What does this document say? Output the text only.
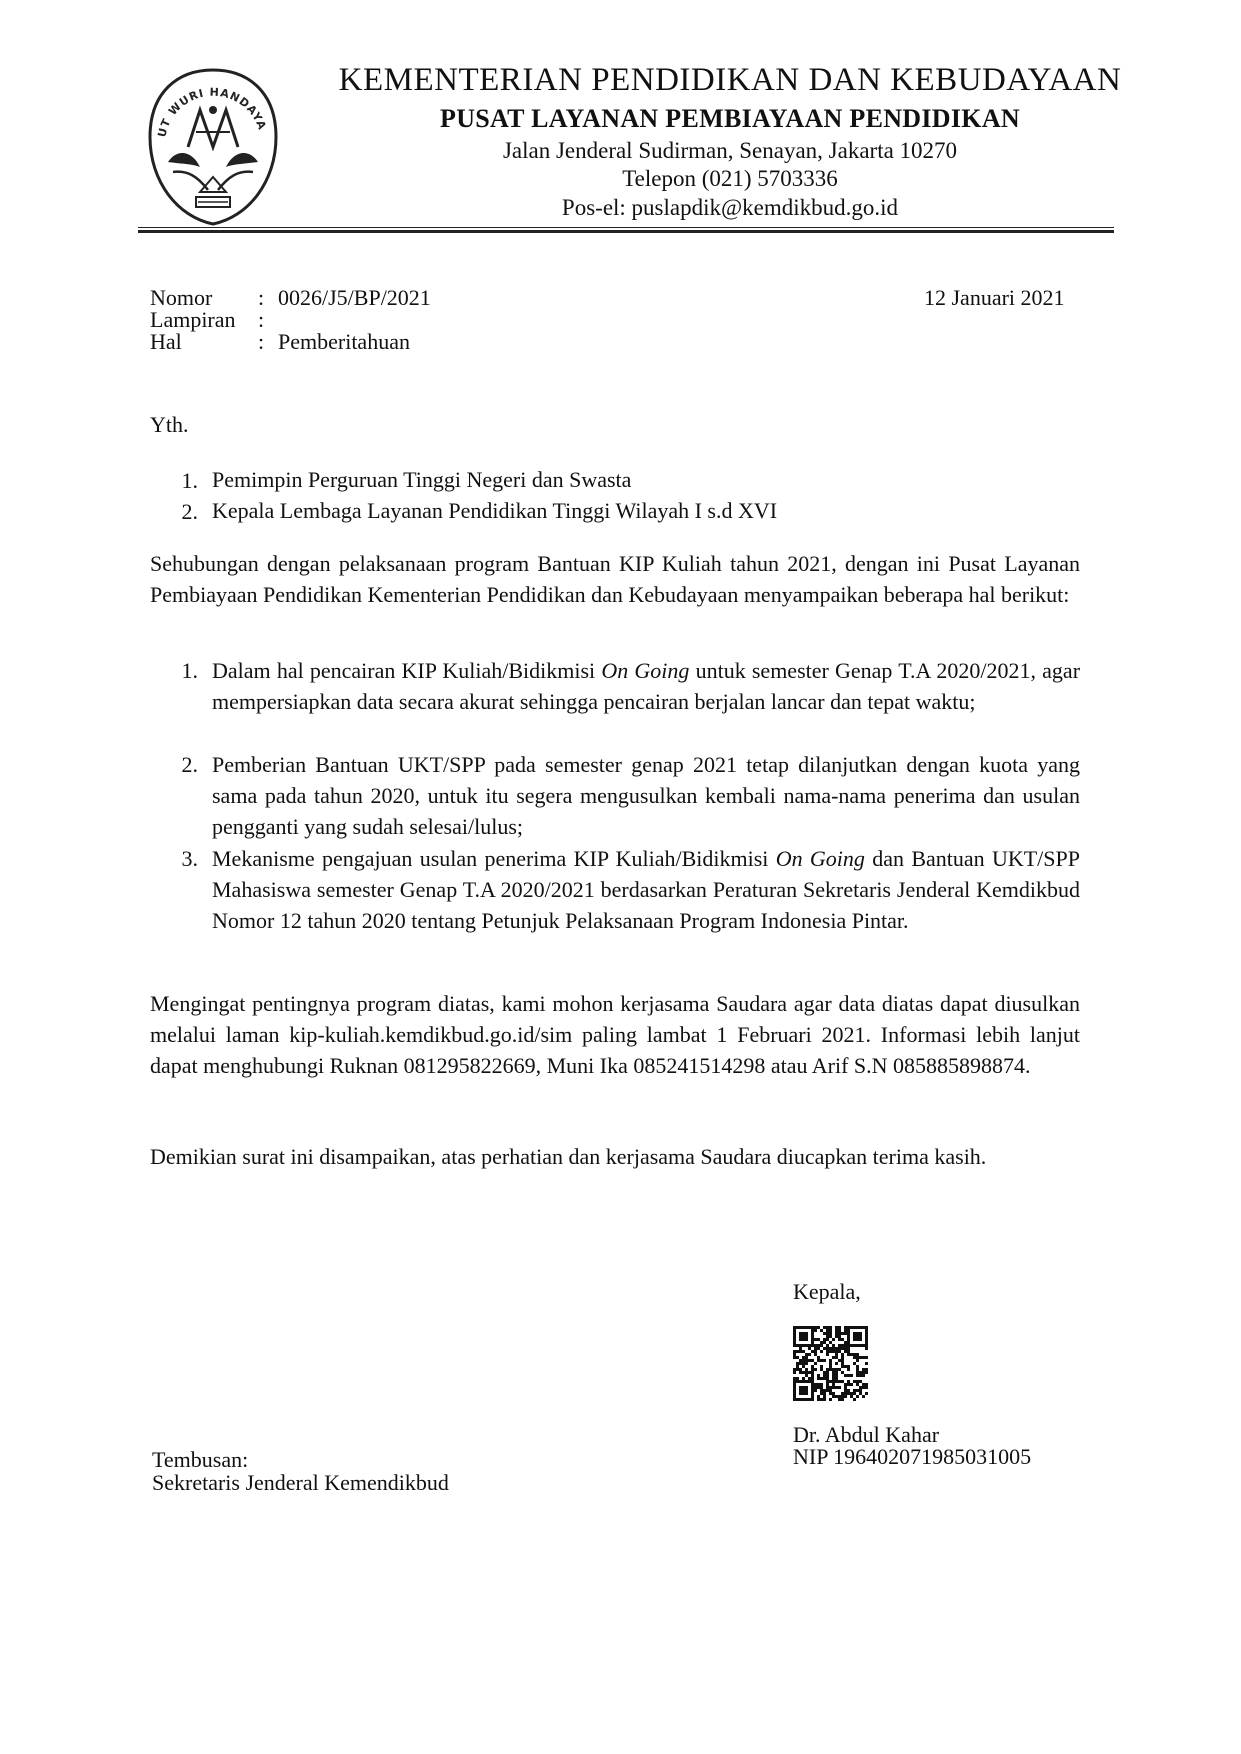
UT WURI HANDAYA
KEMENTERIAN PENDIDIKAN DAN KEBUDAYAAN
PUSAT LAYANAN PEMBIAYAAN PENDIDIKAN
Jalan Jenderal Sudirman, Senayan, Jakarta 10270
Telepon (021) 5703336
Pos-el: puslapdik@kemdikbud.go.id
Nomor : 0026/J5/BP/2021	12 Januari 2021
Lampiran :
Hal	: Pemberitahuan
Yth.
1. Pemimpin Perguruan Tinggi Negeri dan Swasta
2. Kepala Lembaga Layanan Pendidikan Tinggi Wilayah I s.d XVI
Sehubungan dengan pelaksanaan program Bantuan KIP Kuliah tahun 2021, dengan ini Pusat Layanan Pembiayaan Pendidikan Kementerian Pendidikan dan Kebudayaan menyampaikan beberapa hal berikut:
1. Dalam hal pencairan KIP Kuliah/Bidikmisi On Going untuk semester Genap T.A 2020/2021, agar mempersiapkan data secara akurat sehingga pencairan berjalan lancar dan tepat waktu;
2. Pemberian Bantuan UKT/SPP pada semester genap 2021 tetap dilanjutkan dengan kuota yang sama pada tahun 2020, untuk itu segera mengusulkan kembali nama-nama penerima dan usulan pengganti yang sudah selesai/lulus;
3. Mekanisme pengajuan usulan penerima KIP Kuliah/Bidikmisi On Going dan Bantuan UKT/SPP Mahasiswa semester Genap T.A 2020/2021 berdasarkan Peraturan Sekretaris Jenderal Kemdikbud Nomor 12 tahun 2020 tentang Petunjuk Pelaksanaan Program Indonesia Pintar.
Mengingat pentingnya program diatas, kami mohon kerjasama Saudara agar data diatas dapat diusulkan melalui laman kip-kuliah.kemdikbud.go.id/sim paling lambat 1 Februari 2021. Informasi lebih lanjut dapat menghubungi Ruknan 081295822669, Muni Ika 085241514298 atau Arif S.N 085885898874.
Demikian surat ini disampaikan, atas perhatian dan kerjasama Saudara diucapkan terima kasih.
Kepala,
Dr. Abdul Kahar
NIP 196402071985031005
Tembusan:
Sekretaris Jenderal Kemendikbud
